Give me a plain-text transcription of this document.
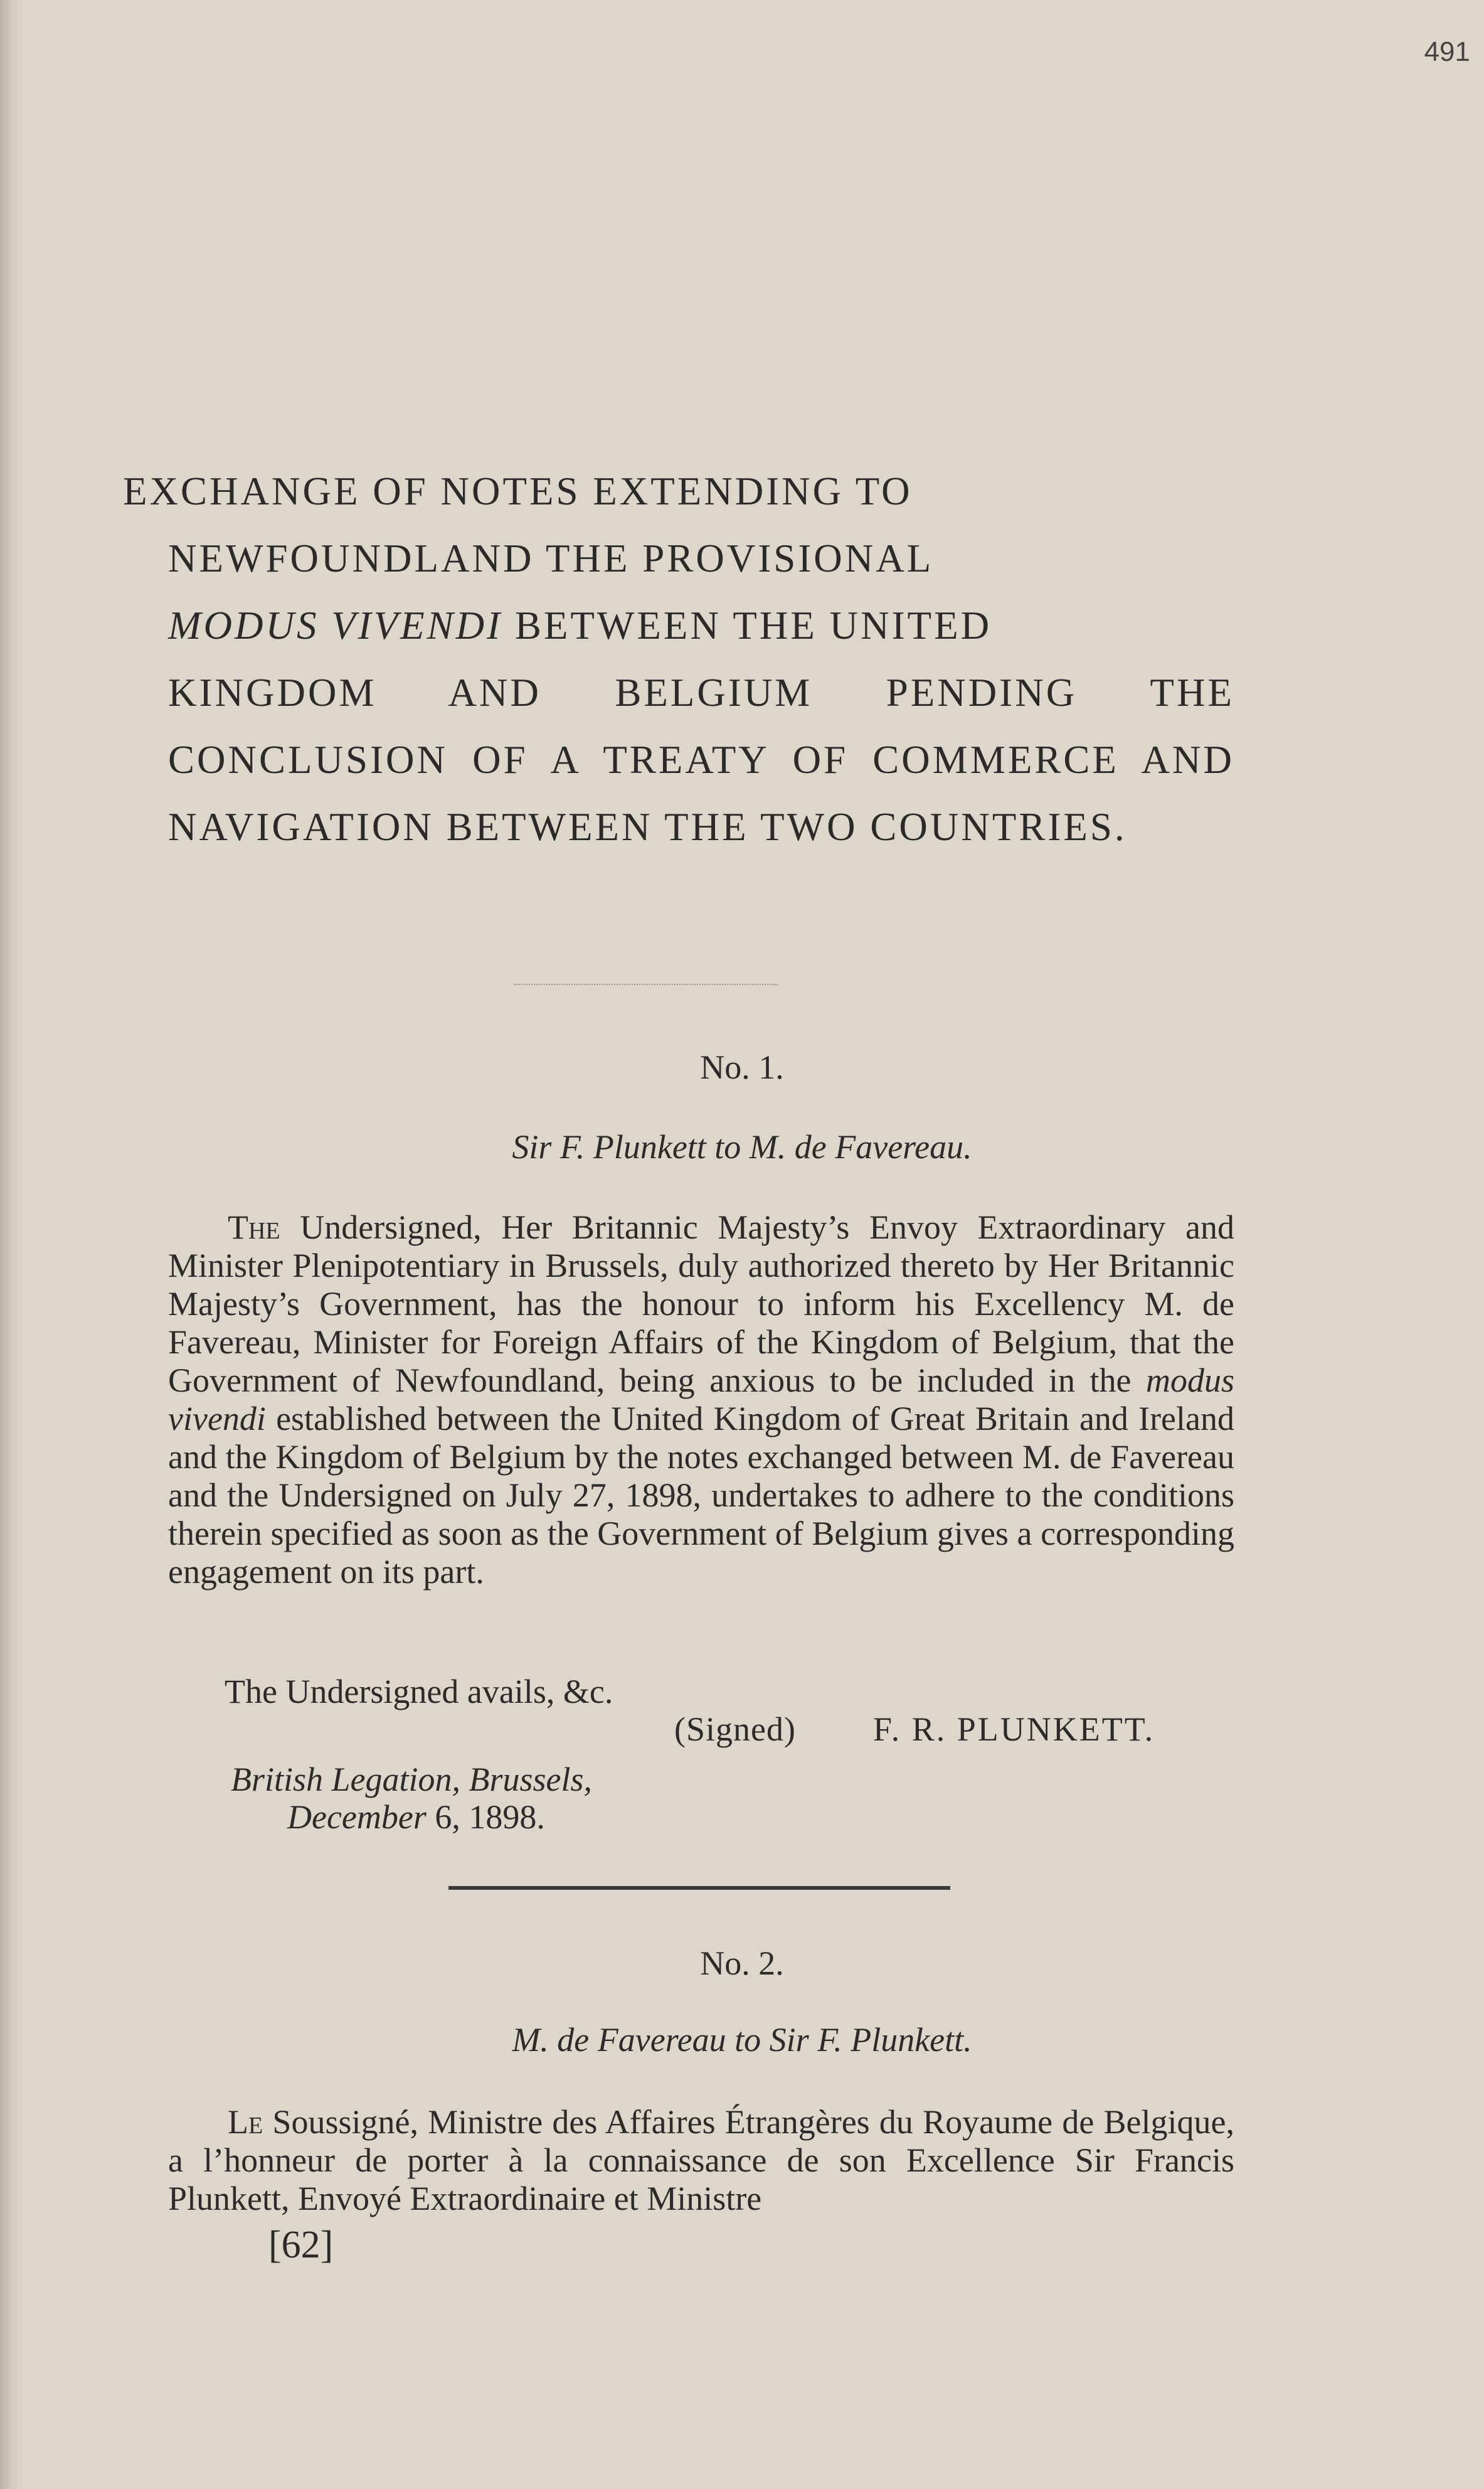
491
EXCHANGE OF NOTES EXTENDING TO
NEWFOUNDLAND THE PROVISIONAL
MODUS VIVENDI BETWEEN THE UNITED
KINGDOM AND BELGIUM PENDING THE CONCLUSION OF A TREATY OF COMMERCE AND NAVIGATION BETWEEN THE TWO COUNTRIES.
No. 1.
Sir F. Plunkett to M. de Favereau.

The Undersigned, Her Britannic Majesty’s Envoy Extraordinary and Minister Plenipotentiary in Brussels, duly authorized thereto by Her Britannic Majesty’s Government, has the honour to inform his Excellency M. de Favereau, Minister for Foreign Affairs of the Kingdom of Belgium, that the Government of Newfoundland, being anxious to be included in the modus vivendi established between the United Kingdom of Great Britain and Ireland and the Kingdom of Belgium by the notes exchanged between M. de Favereau and the Undersigned on July 27, 1898, undertakes to adhere to the conditions therein specified as soon as the Government of Belgium gives a corresponding engagement on its part.

The Undersigned avails, &c.
(Signed) F. R. PLUNKETT.
British Legation, Brussels,
December 6, 1898.
No. 2.
M. de Favereau to Sir F. Plunkett.

Le Soussigné, Ministre des Affaires Étrangères du Royaume de Belgique, a l’honneur de porter à la connaissance de son Excellence Sir Francis Plunkett, Envoyé Extraordinaire et Ministre

[62]
